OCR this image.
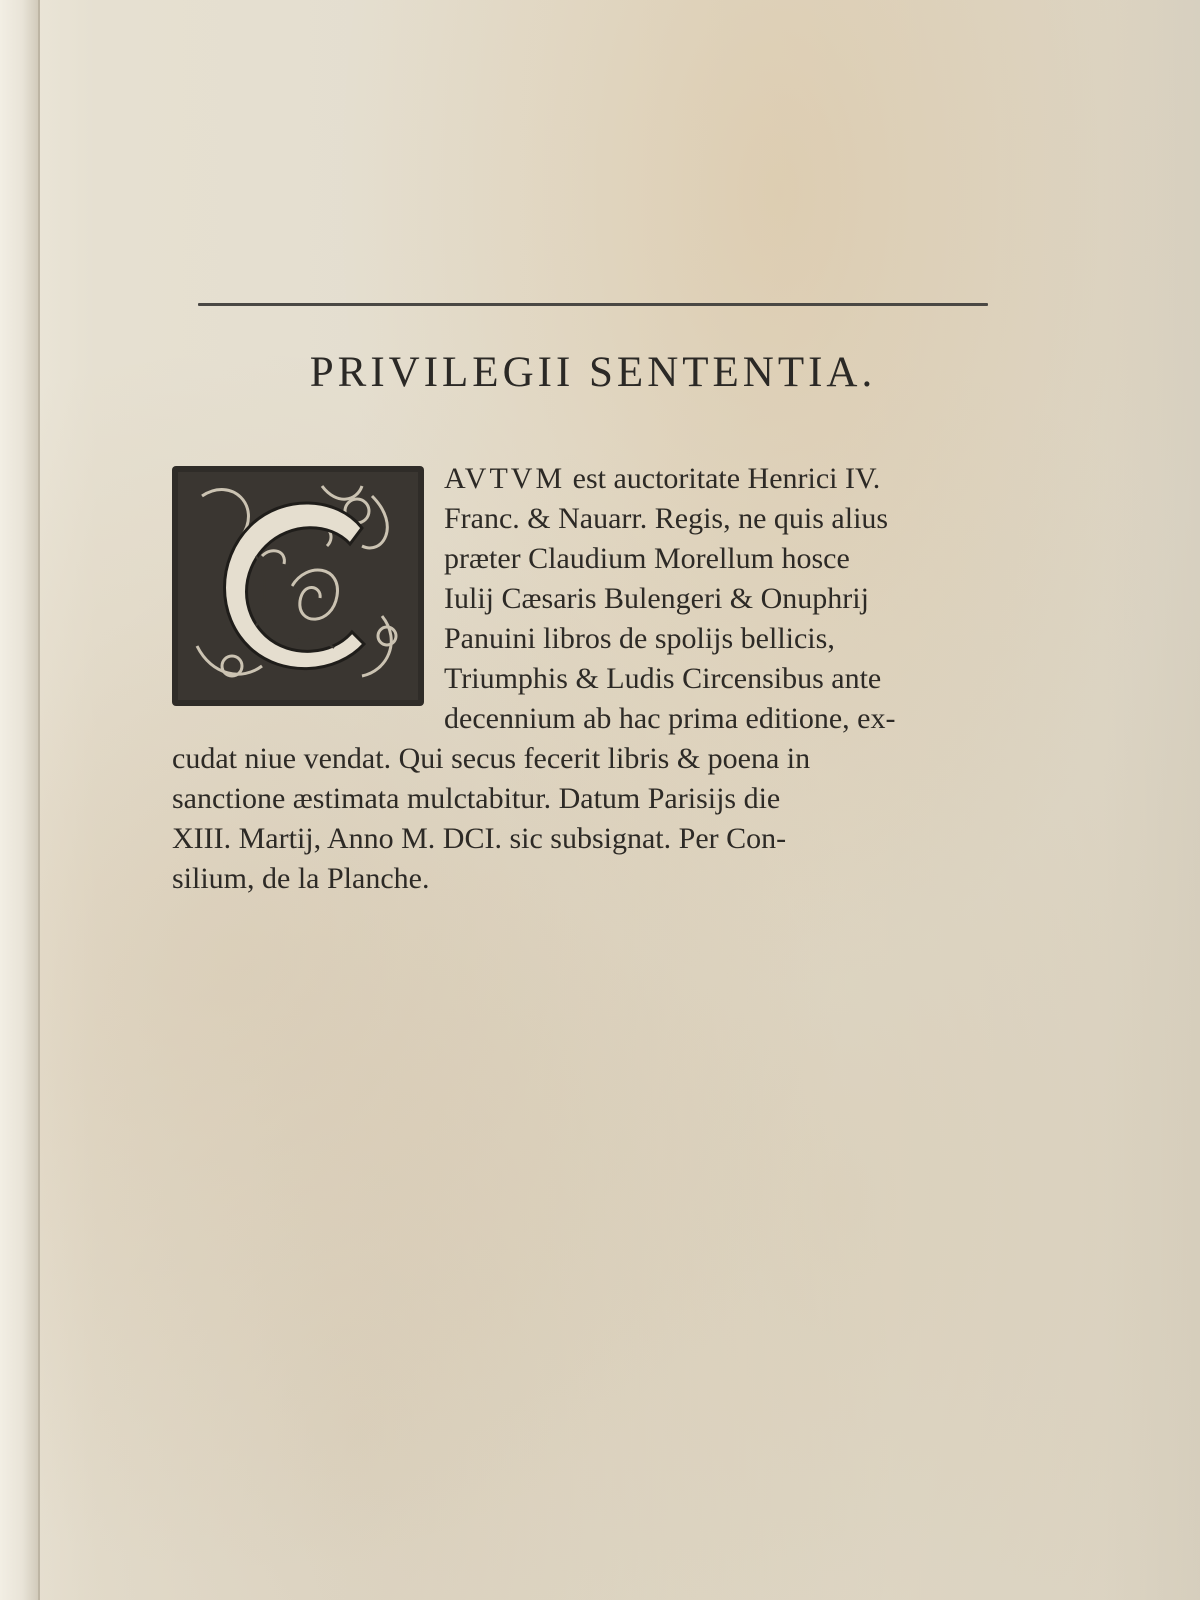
PRIVILEGII SENTENTIA.
AVTVM est auctoritate Henrici IV.
Franc. & Nauarr. Regis, ne quis alius
præter Claudium Morellum hosce
Iulij Cæsaris Bulengeri & Onuphrij
Panuini libros de spolijs bellicis,
Triumphis & Ludis Circensibus ante
decennium ab hac prima editione, ex-
cudat niue vendat. Qui secus fecerit libris & poena in
sanctione æstimata mulctabitur. Datum Parisijs die
XIII. Martij, Anno M. DCI. sic subsignat. Per Con-
silium, de la Planche.
